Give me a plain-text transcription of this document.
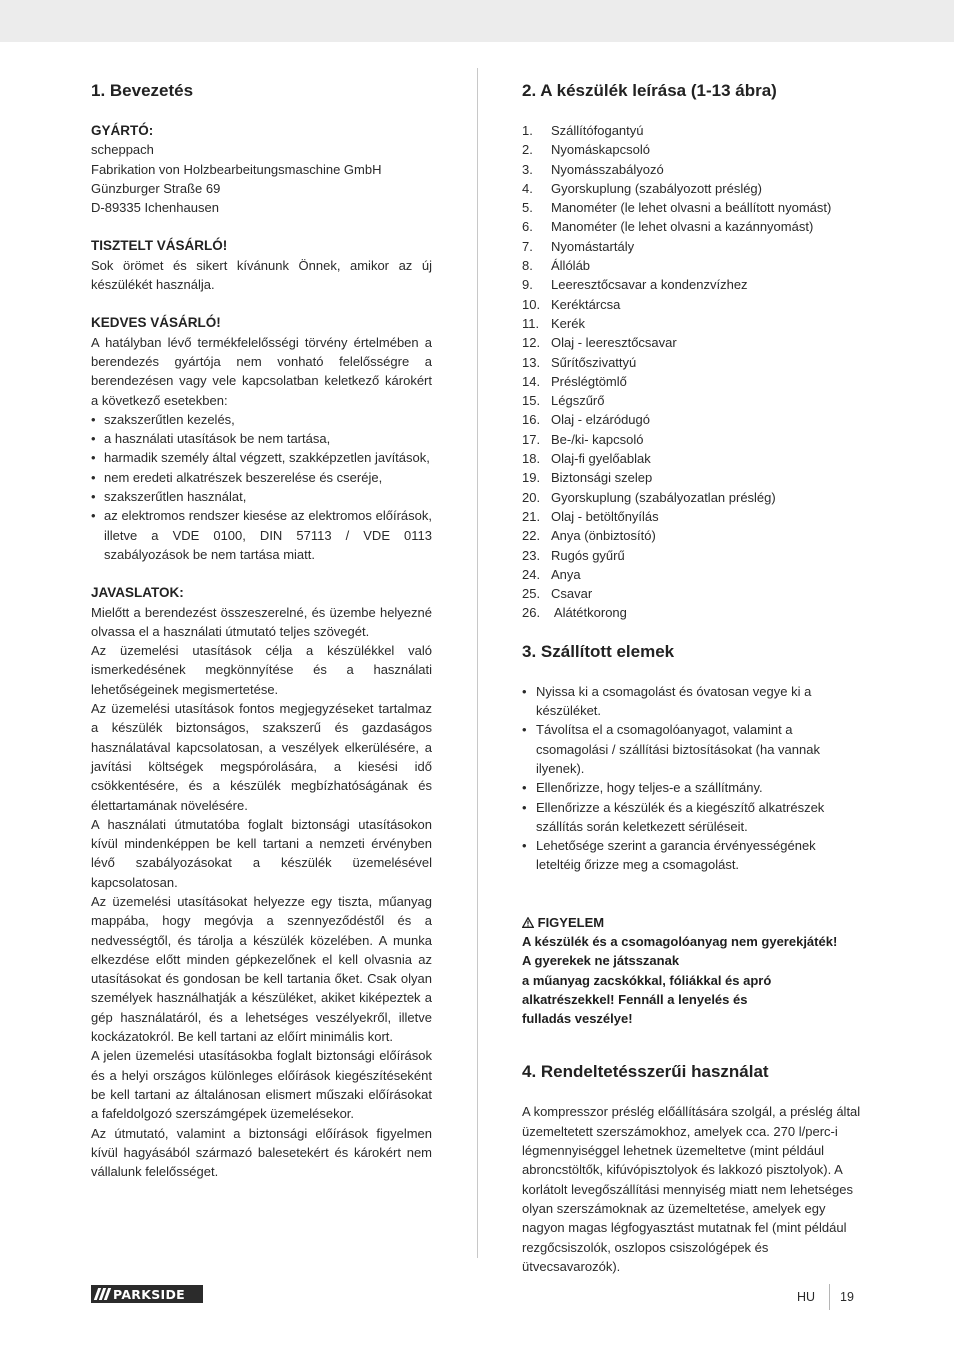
1. Bevezetés
GYÁRTÓ:

scheppach

Fabrikation von Holzbearbeitungsmaschine GmbH

Günzburger Straße 69

D-89335 Ichenhausen

TISZTELT VÁSÁRLÓ!

Sok örömet és sikert kívánunk Önnek, amikor az új készülékét használja.

KEDVES VÁSÁRLÓ!

A hatályban lévő termékfelelősségi törvény értelmében a berendezés gyártója nem vonható felelősségre a berendezésen vagy vele kapcsolatban keletkező károkért a következő esetekben:

• szakszerűtlen kezelés,
• a használati utasítások be nem tartása,
• harmadik személy által végzett, szakképzetlen javítások,
• nem eredeti alkatrészek beszerelése és cseréje,
• szakszerűtlen használat,
• az elektromos rendszer kiesése az elektromos előírások, illetve a VDE 0100, DIN 57113 / VDE 0113 szabályozások be nem tartása miatt.
JAVASLATOK:

Mielőtt a berendezést összeszerelné, és üzembe helyezné olvassa el a használati útmutató teljes szövegét.

Az üzemelési utasítások célja a készülékkel való ismerkedésének megkönnyítése és a használati lehetőségeinek megismertetése.

Az üzemelési utasítások fontos megjegyzéseket tartalmaz a készülék biztonságos, szakszerű és gazdaságos használatával kapcsolatosan, a veszélyek elkerülésére, a javítási költségek megspórolására, a kiesési idő csökkentésére, és a készülék megbízhatóságának és élettartamának növelésére.

A használati útmutatóba foglalt biztonsági utasításokon kívül mindenképpen be kell tartani a nemzeti érvényben lévő szabályozásokat a készülék üzemelésével kapcsolatosan.

Az üzemelési utasításokat helyezze egy tiszta, műanyag mappába, hogy megóvja a szennyeződéstől és a nedvességtől, és tárolja a készülék közelében. A munka elkezdése előtt minden gépkezelőnek el kell olvasnia az utasításokat és gondosan be kell tartania őket. Csak olyan személyek használhatják a készüléket, akiket kiképeztek a gép használatáról, és a lehetséges veszélyekről, illetve kockázatokról. Be kell tartani az előírt minimális kort.

A jelen üzemelési utasításokba foglalt biztonsági előírások és a helyi országos különleges előírások kiegészítéseként be kell tartani az általánosan elismert műszaki előírásokat a fafeldolgozó szerszámgépek üzemelésekor.

Az útmutató, valamint a biztonsági előírások figyelmen kívül hagyásából származó balesetekért és károkért nem vállalunk felelősséget.

2. A készülék leírása (1-13 ábra)
1.	Szállítófogantyú
2.	Nyomáskapcsoló
3.	Nyomásszabályozó
4.	Gyorskuplung (szabályozott préslég)
5.	Manométer (le lehet olvasni a beállított nyomást)
6.	Manométer (le lehet olvasni a kazánnyomást)
7.	Nyomástartály
8.	Állóláb
9.	Leeresztőcsavar a kondenzvízhez
10. Keréktárcsa
11. Kerék
12. Olaj - leeresztőcsavar
13. Sűrítőszivattyú
14. Préslégtömlő
15. Légszűrő
16. Olaj - elzáródugó
17. Be-/ki- kapcsoló
18. Olaj-fi gyelőablak
19. Biztonsági szelep
20. Gyorskuplung (szabályozatlan préslég)
21. Olaj - betöltőnyílás
22. Anya (önbiztosító)
23. Rugós gyűrű
24. Anya
25. Csavar
26. Alátétkorong
3. Szállított elemek
• Nyissa ki a csomagolást és óvatosan vegye ki a készüléket.
• Távolítsa el a csomagolóanyagot, valamint a csomagolási / szállítási biztosításokat (ha vannak ilyenek).
• Ellenőrizze, hogy teljes-e a szállítmány.
• Ellenőrizze a készülék és a kiegészítő alkatrészek szállítás során keletkezett sérüléseit.
• Lehetősége szerint a garancia érvényességének leteltéig őrizze meg a csomagolást.
FIGYELEM
A készülék és a csomagolóanyag nem gyerekjáték!
A gyerekek ne játsszanak
a műanyag zacskókkal, fóliákkal és apró alkatrészekkel! Fennáll a lenyelés és
fulladás veszélye!
4. Rendeltetésszerűi használat

A kompresszor préslég előállítására szolgál, a préslég által üzemeltetett szerszámokhoz, amelyek cca. 270 l/perc-i légmennyiséggel lehetnek üzemeltetve (mint például abroncstöltők, kifúvópisztolyok és lakkozó pisztolyok). A korlátolt levegőszállítási mennyiség miatt nem lehetséges olyan szerszámoknak az üzemeltetése, amelyek egy nagyon magas légfogyasztást mutatnak fel (mint például rezgőcsiszolók, oszlopos csiszológépek és ütvecsavarozók).

PARKSIDE	HU 19
